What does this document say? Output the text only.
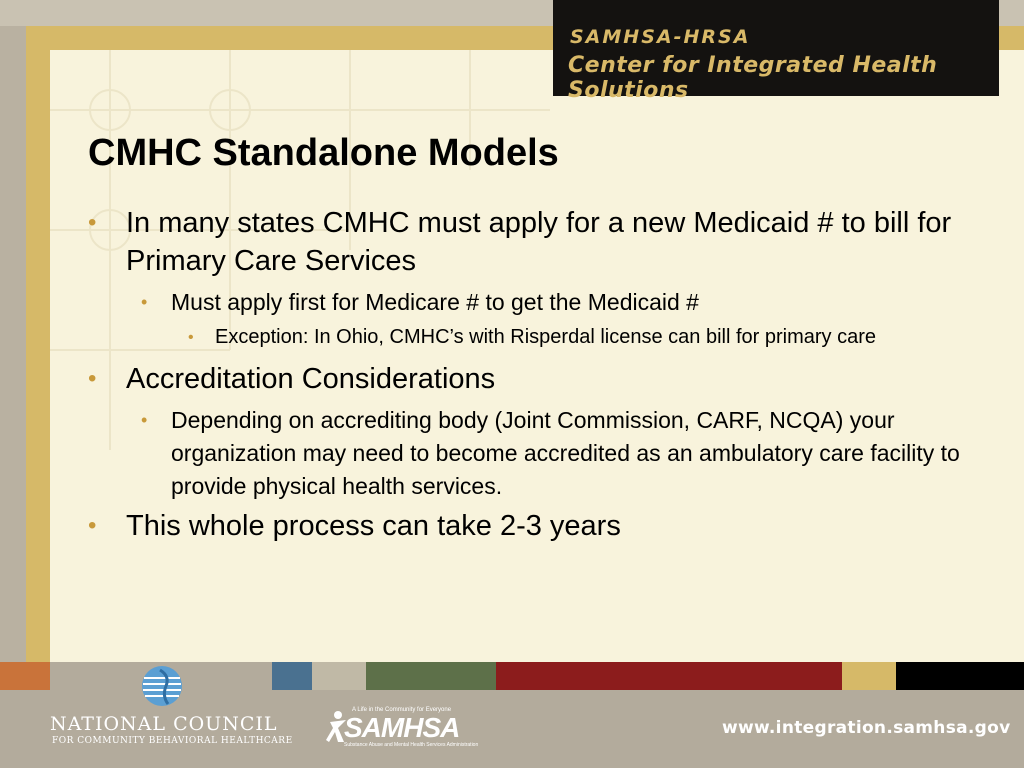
SAMHSA-HRSA
Center for Integrated Health Solutions
CMHC Standalone Models
• In many states CMHC must apply for a new Medicaid # to bill for Primary Care Services
• Must apply first for Medicare # to get the Medicaid #
• Exception: In Ohio, CMHC’s with Risperdal license can bill for primary care
• Accreditation Considerations
• Depending on accrediting body (Joint Commission, CARF, NCQA) your organization may need to become accredited as an ambulatory care facility to provide physical health services.
• This whole process can take 2-3 years
NATIONAL COUNCIL
FOR COMMUNITY BEHAVIORAL HEALTHCARE
A Life in the Community for Everyone
SAMHSA
Substance Abuse and Mental Health Services Administration
www.integration.samhsa.gov
